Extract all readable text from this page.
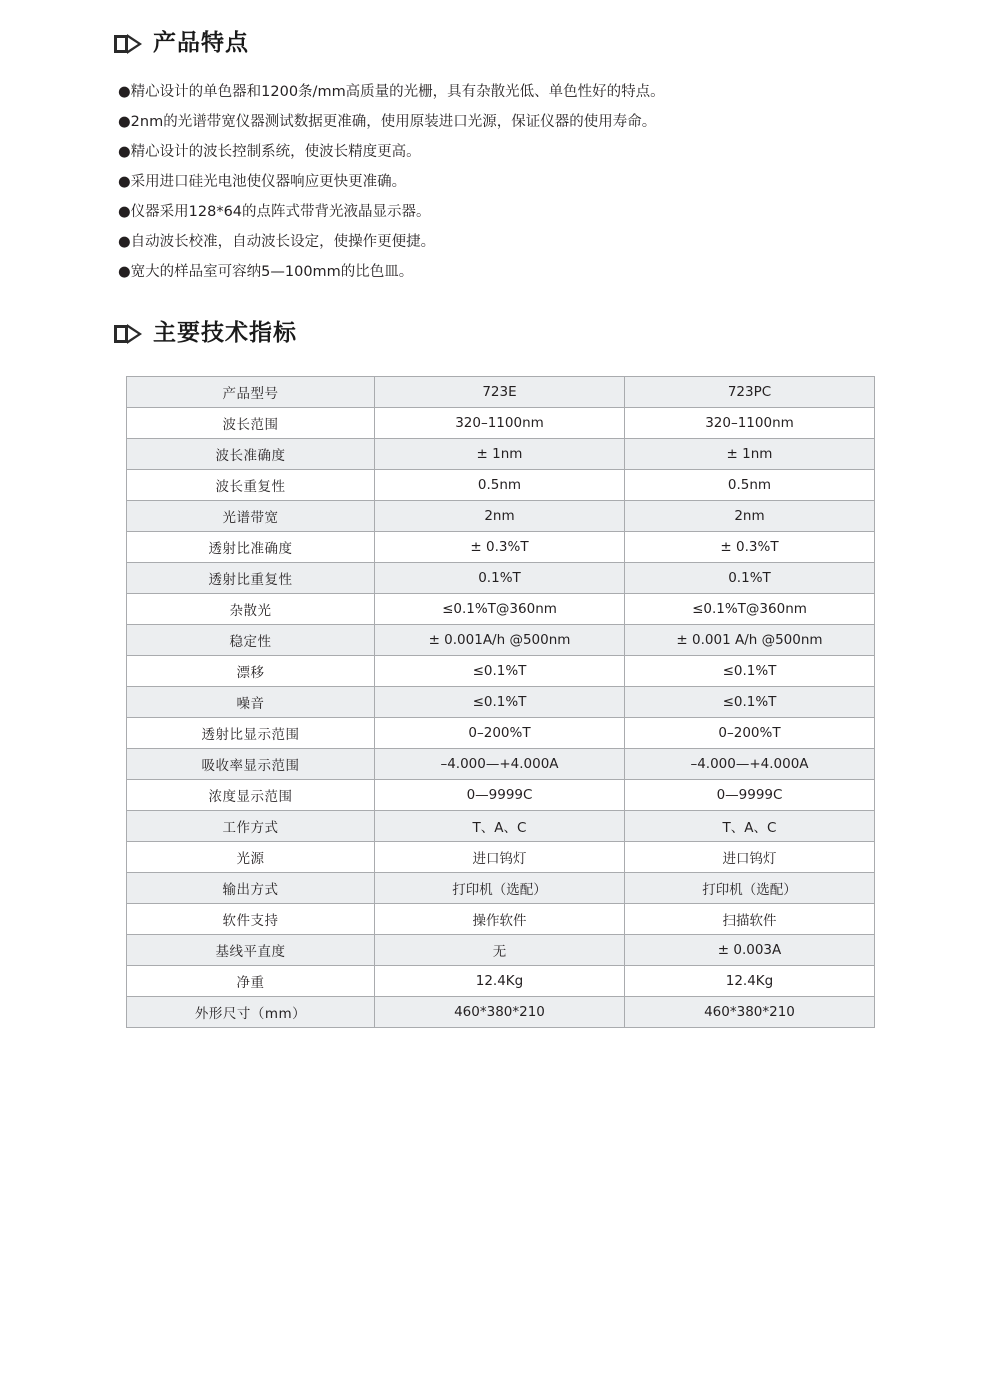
产品特点
●精心设计的单色器和1200条/mm高质量的光栅，具有杂散光低、单色性好的特点。
●2nm的光谱带宽仪器测试数据更准确，使用原装进口光源，保证仪器的使用寿命。
●精心设计的波长控制系统，使波长精度更高。
●采用进口硅光电池使仪器响应更快更准确。
●仪器采用128*64的点阵式带背光液晶显示器。
●自动波长校准，自动波长设定，使操作更便捷。
●宽大的样品室可容纳5—100mm的比色皿。
主要技术指标
产品型号	723E	723PC
波长范围	320–1100nm	320–1100nm
波长准确度	± 1nm	± 1nm
波长重复性	0.5nm	0.5nm
光谱带宽	2nm	2nm
透射比准确度	± 0.3%T	± 0.3%T
透射比重复性	0.1%T	0.1%T
杂散光	≤0.1%T@360nm	≤0.1%T@360nm
稳定性	± 0.001A/h @500nm	± 0.001 A/h @500nm
漂移	≤0.1%T	≤0.1%T
噪音	≤0.1%T	≤0.1%T
透射比显示范围	0–200%T	0–200%T
吸收率显示范围	–4.000—+4.000A	–4.000—+4.000A
浓度显示范围	0—9999C	0—9999C
工作方式	T、A、C	T、A、C
光源	进口钨灯	进口钨灯
输出方式	打印机（选配）	打印机（选配）
软件支持	操作软件	扫描软件
基线平直度	无	± 0.003A
净重	12.4Kg	12.4Kg
外形尺寸（mm）	460*380*210	460*380*210
